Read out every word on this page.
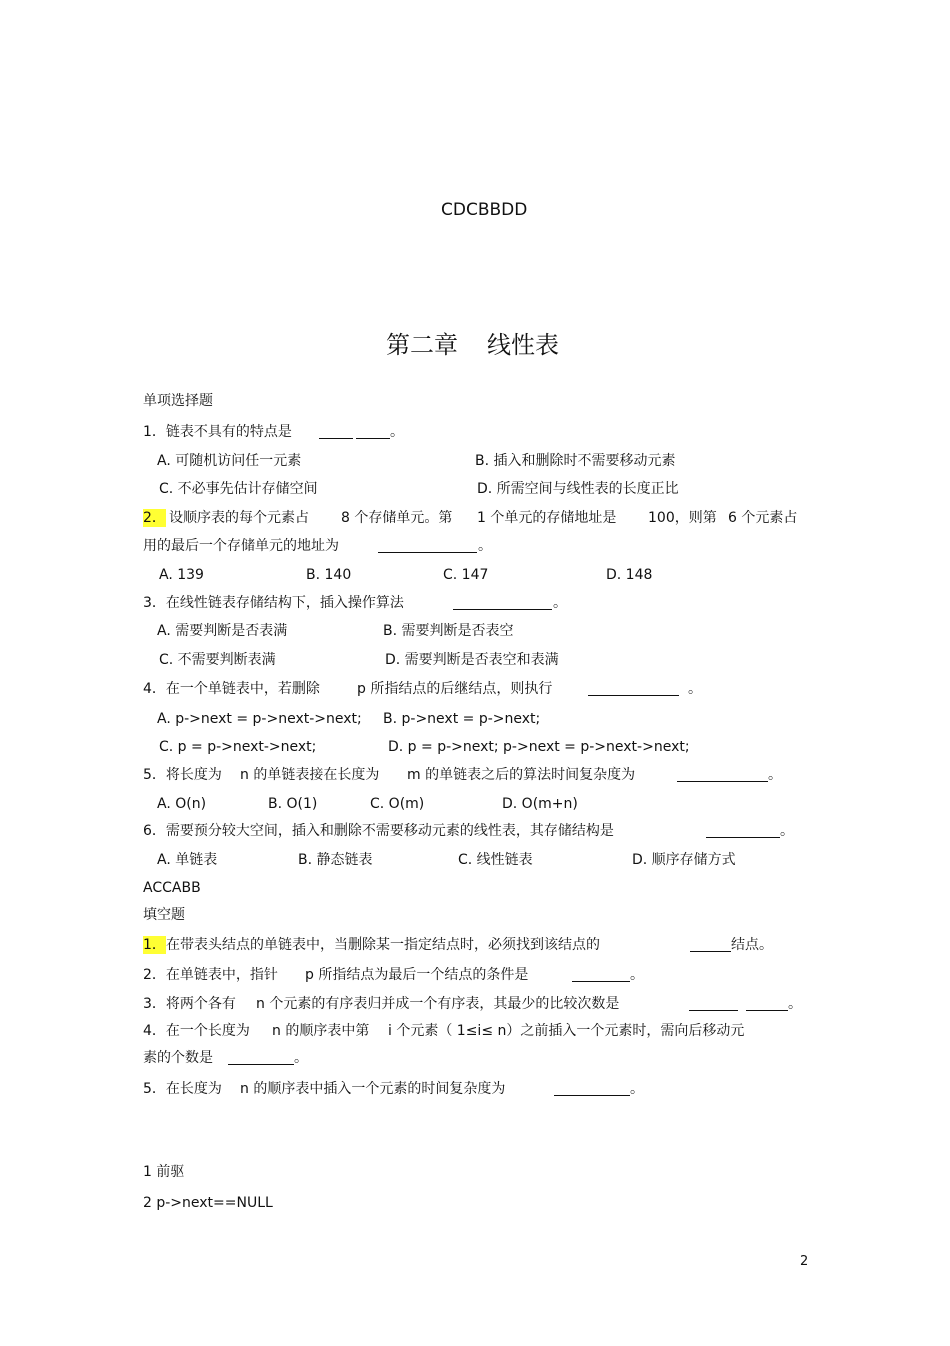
CDCBBDD
第二章 线性表
单项选择题
1．链表不具有的特点是	。
A. 可随机访问任一元素	B. 插入和删除时不需要移动元素
C. 不必事先估计存储空间	D. 所需空间与线性表的长度正比
2． 设顺序表的每个元素占 8 个存储单元。第 1 个单元的存储地址是 100，则第 6 个元素占
用的最后一个存储单元的地址为	。
A. 139	B. 140	C. 147	D. 148
3．在线性链表存储结构下，插入操作算法	。
A. 需要判断是否表满	B. 需要判断是否表空
C. 不需要判断表满	D. 需要判断是否表空和表满
4．在一个单链表中，若删除	p 所指结点的后继结点，则执行	。
A. p->next = p->next->next; B. p->next = p->next;
C. p = p->next->next;	D. p = p->next; p->next = p->next->next;
5．将长度为 n 的单链表接在长度为 m 的单链表之后的算法时间复杂度为	。
A. O(n)	B. O(1)	C. O(m)	D. O(m+n)
6．需要预分较大空间，插入和删除不需要移动元素的线性表，其存储结构是	。
A. 单链表	B. 静态链表	C. 线性链表	D. 顺序存储方式
ACCABB
填空题
1． 在带表头结点的单链表中，当删除某一指定结点时，必须找到该结点的	结点。
2．在单链表中，指针 p 所指结点为最后一个结点的条件是	。
3．将两个各有 n 个元素的有序表归并成一个有序表，其最少的比较次数是	。
4．在一个长度为 n 的顺序表中第 i 个元素（ 1≤i≤ n）之前插入一个元素时，需向后移动元
素的个数是	。
5．在长度为 n 的顺序表中插入一个元素的时间复杂度为	。
1 前驱
2 p->next==NULL
2
